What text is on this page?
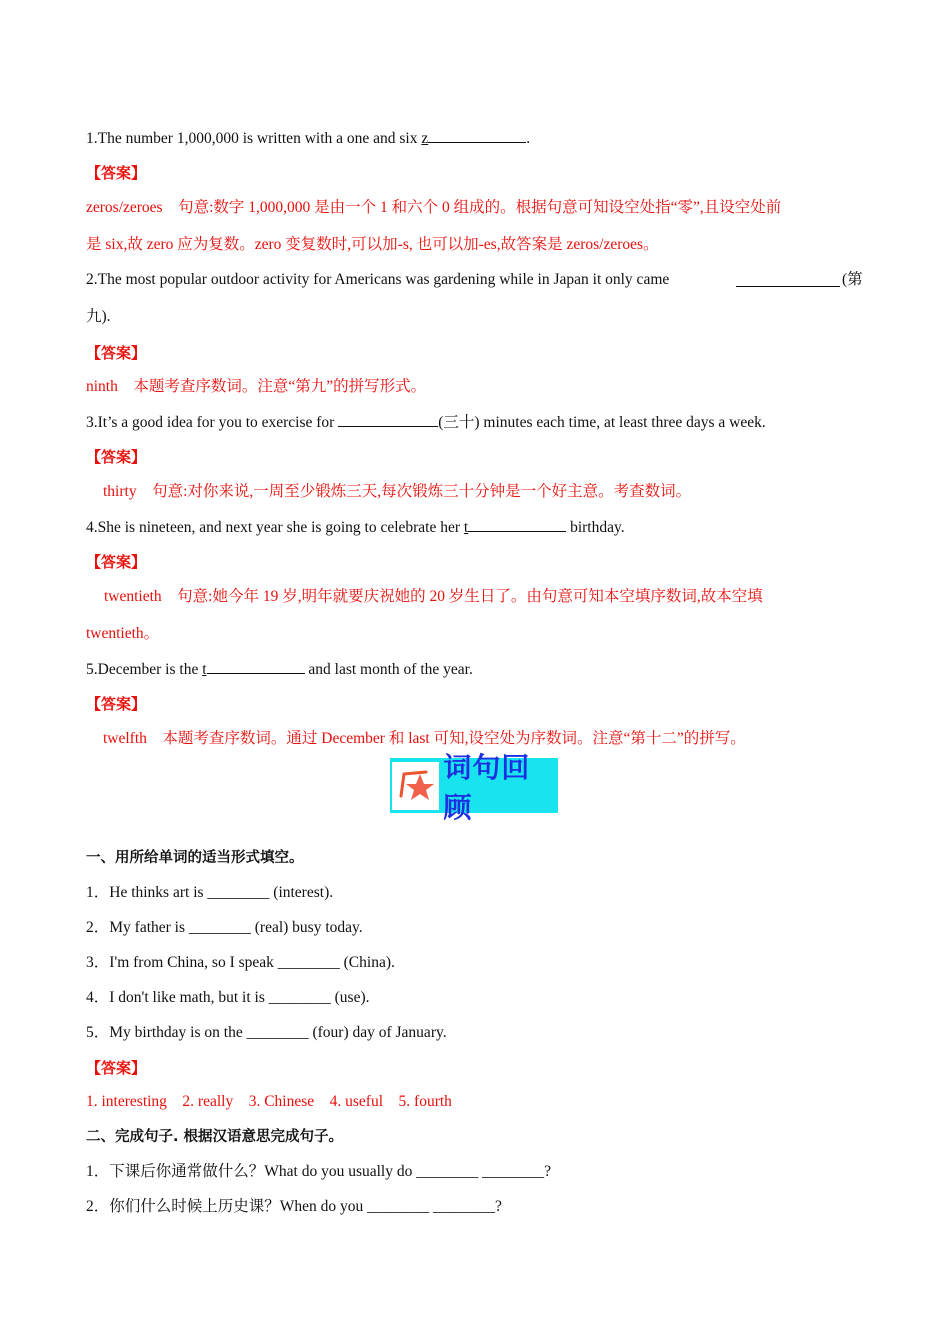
1.The number 1,000,000 is written with a one and six z	.
【答案】
zeros/zeroes　句意:数字 1,000,000 是由一个 1 和六个 0 组成的。根据句意可知设空处指“零”,且设空处前
是 six,故 zero 应为复数。zero 变复数时,可以加-s, 也可以加-es,故答案是 zeros/zeroes。
2.The most popular outdoor activity for Americans was gardening while in Japan it only came	(第
九).
【答案】
ninth　本题考查序数词。注意“第九”的拼写形式。
3.It’s a good idea for you to exercise for	(三十) minutes each time, at least three days a week.
【答案】
thirty　句意:对你来说,一周至少锻炼三天,每次锻炼三十分钟是一个好主意。考查数词。
4.She is nineteen, and next year she is going to celebrate her t	birthday.
【答案】
twentieth　句意:她今年 19 岁,明年就要庆祝她的 20 岁生日了。由句意可知本空填序数词,故本空填
twentieth。
5.December is the t	and last month of the year.
【答案】
twelfth　本题考查序数词。通过 December 和 last 可知,设空处为序数词。注意“第十二”的拼写。
一、用所给单词的适当形式填空。
1．He thinks art is ________ (interest).
2．My father is ________ (real) busy today.
3．I'm from China, so I speak ________ (China).
4．I don't like math, but it is ________ (use).
5．My birthday is on the ________ (four) day of January.
【答案】
1. interesting　2. really　3. Chinese　4. useful　5. fourth
二、完成句子. 根据汉语意思完成句子。
1．下课后你通常做什么？What do you usually do ________ ________?
2．你们什么时候上历史课？When do you ________ ________?
词句回顾
